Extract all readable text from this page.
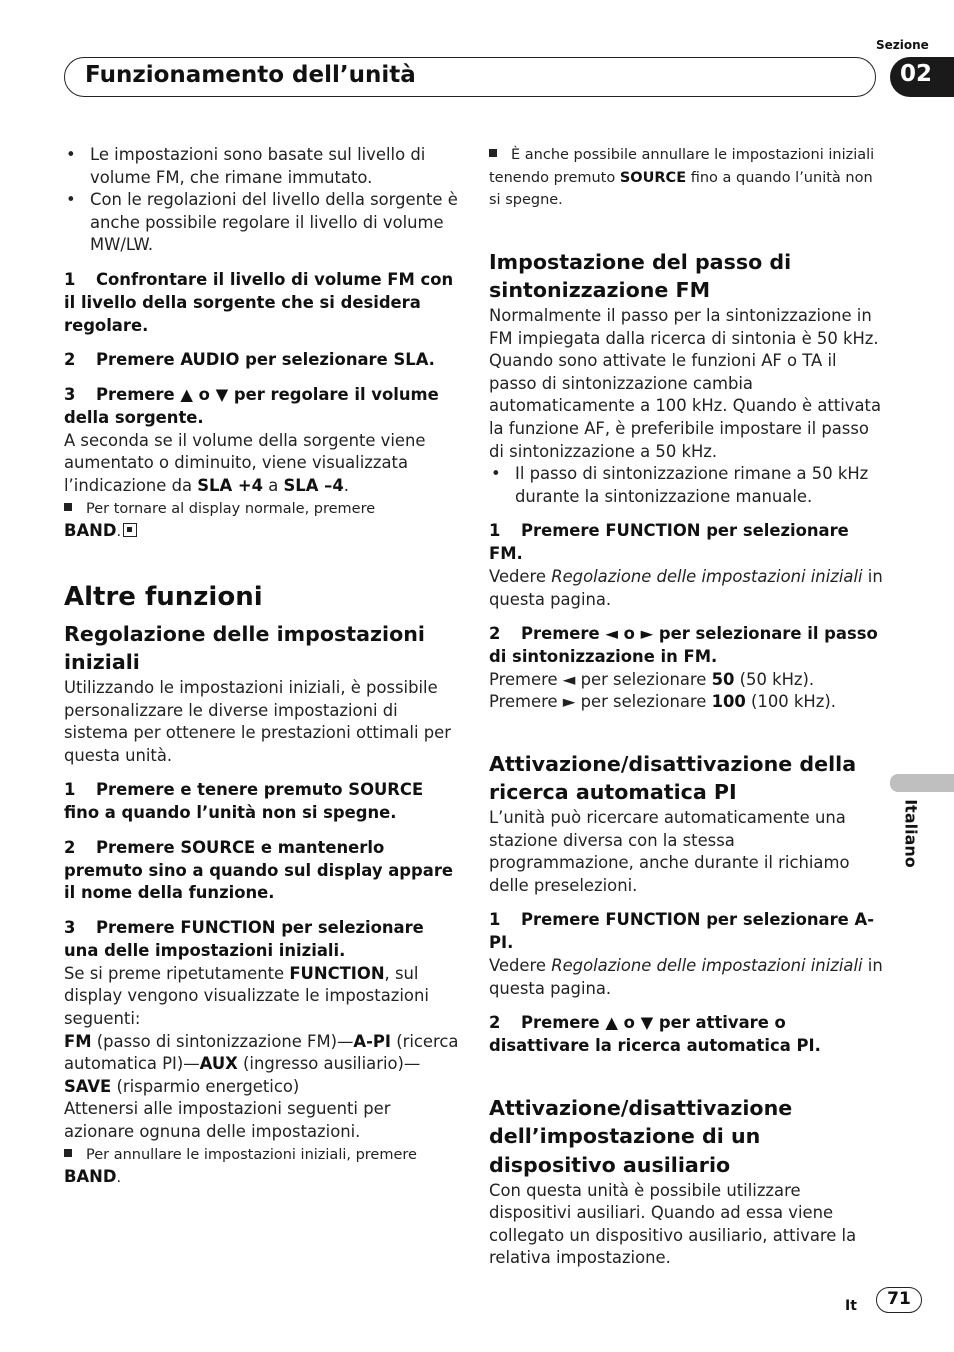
Sezione
Funzionamento dell’unità	02
Italiano
• Le impostazioni sono basate sul livello di volume FM, che rimane immutato.
• Con le regolazioni del livello della sorgente è anche possibile regolare il livello di volume MW/LW.
1 Confrontare il livello di volume FM con il livello della sorgente che si desidera regolare.
2 Premere AUDIO per selezionare SLA.
3 Premere ▲ o ▼ per regolare il volume della sorgente.
A seconda se il volume della sorgente viene aumentato o diminuito, viene visualizzata l’indicazione da SLA +4 a SLA –4.
Per tornare al display normale, premere
BAND.
Altre funzioni
Regolazione delle impostazioni iniziali
Utilizzando le impostazioni iniziali, è possibile personalizzare le diverse impostazioni di sistema per ottenere le prestazioni ottimali per questa unità.
1 Premere e tenere premuto SOURCE fino a quando l’unità non si spegne.
2 Premere SOURCE e mantenerlo premuto sino a quando sul display appare il nome della funzione.
3 Premere FUNCTION per selezionare una delle impostazioni iniziali.
Se si preme ripetutamente FUNCTION, sul display vengono visualizzate le impostazioni seguenti:
FM (passo di sintonizzazione FM)—A-PI (ricerca automatica PI)—AUX (ingresso ausiliario)—SAVE (risparmio energetico)
Attenersi alle impostazioni seguenti per azionare ognuna delle impostazioni.
Per annullare le impostazioni iniziali, premere
BAND.
È anche possibile annullare le impostazioni iniziali tenendo premuto SOURCE fino a quando l’unità non si spegne.
Impostazione del passo di sintonizzazione FM
Normalmente il passo per la sintonizzazione in FM impiegata dalla ricerca di sintonia è 50 kHz. Quando sono attivate le funzioni AF o TA il passo di sintonizzazione cambia automaticamente a 100 kHz. Quando è attivata la funzione AF, è preferibile impostare il passo di sintonizzazione a 50 kHz.
• Il passo di sintonizzazione rimane a 50 kHz durante la sintonizzazione manuale.
1 Premere FUNCTION per selezionare FM.
Vedere Regolazione delle impostazioni iniziali in questa pagina.
2 Premere ◄ o ► per selezionare il passo di sintonizzazione in FM.
Premere ◄ per selezionare 50 (50 kHz). Premere ► per selezionare 100 (100 kHz).
Attivazione/disattivazione della ricerca automatica PI
L’unità può ricercare automaticamente una stazione diversa con la stessa programmazione, anche durante il richiamo delle preselezioni.
1 Premere FUNCTION per selezionare A-PI.
Vedere Regolazione delle impostazioni iniziali in questa pagina.
2 Premere ▲ o ▼ per attivare o disattivare la ricerca automatica PI.
Attivazione/disattivazione dell’impostazione di un dispositivo ausiliario
Con questa unità è possibile utilizzare dispositivi ausiliari. Quando ad essa viene collegato un dispositivo ausiliario, attivare la relativa impostazione.
It	71
